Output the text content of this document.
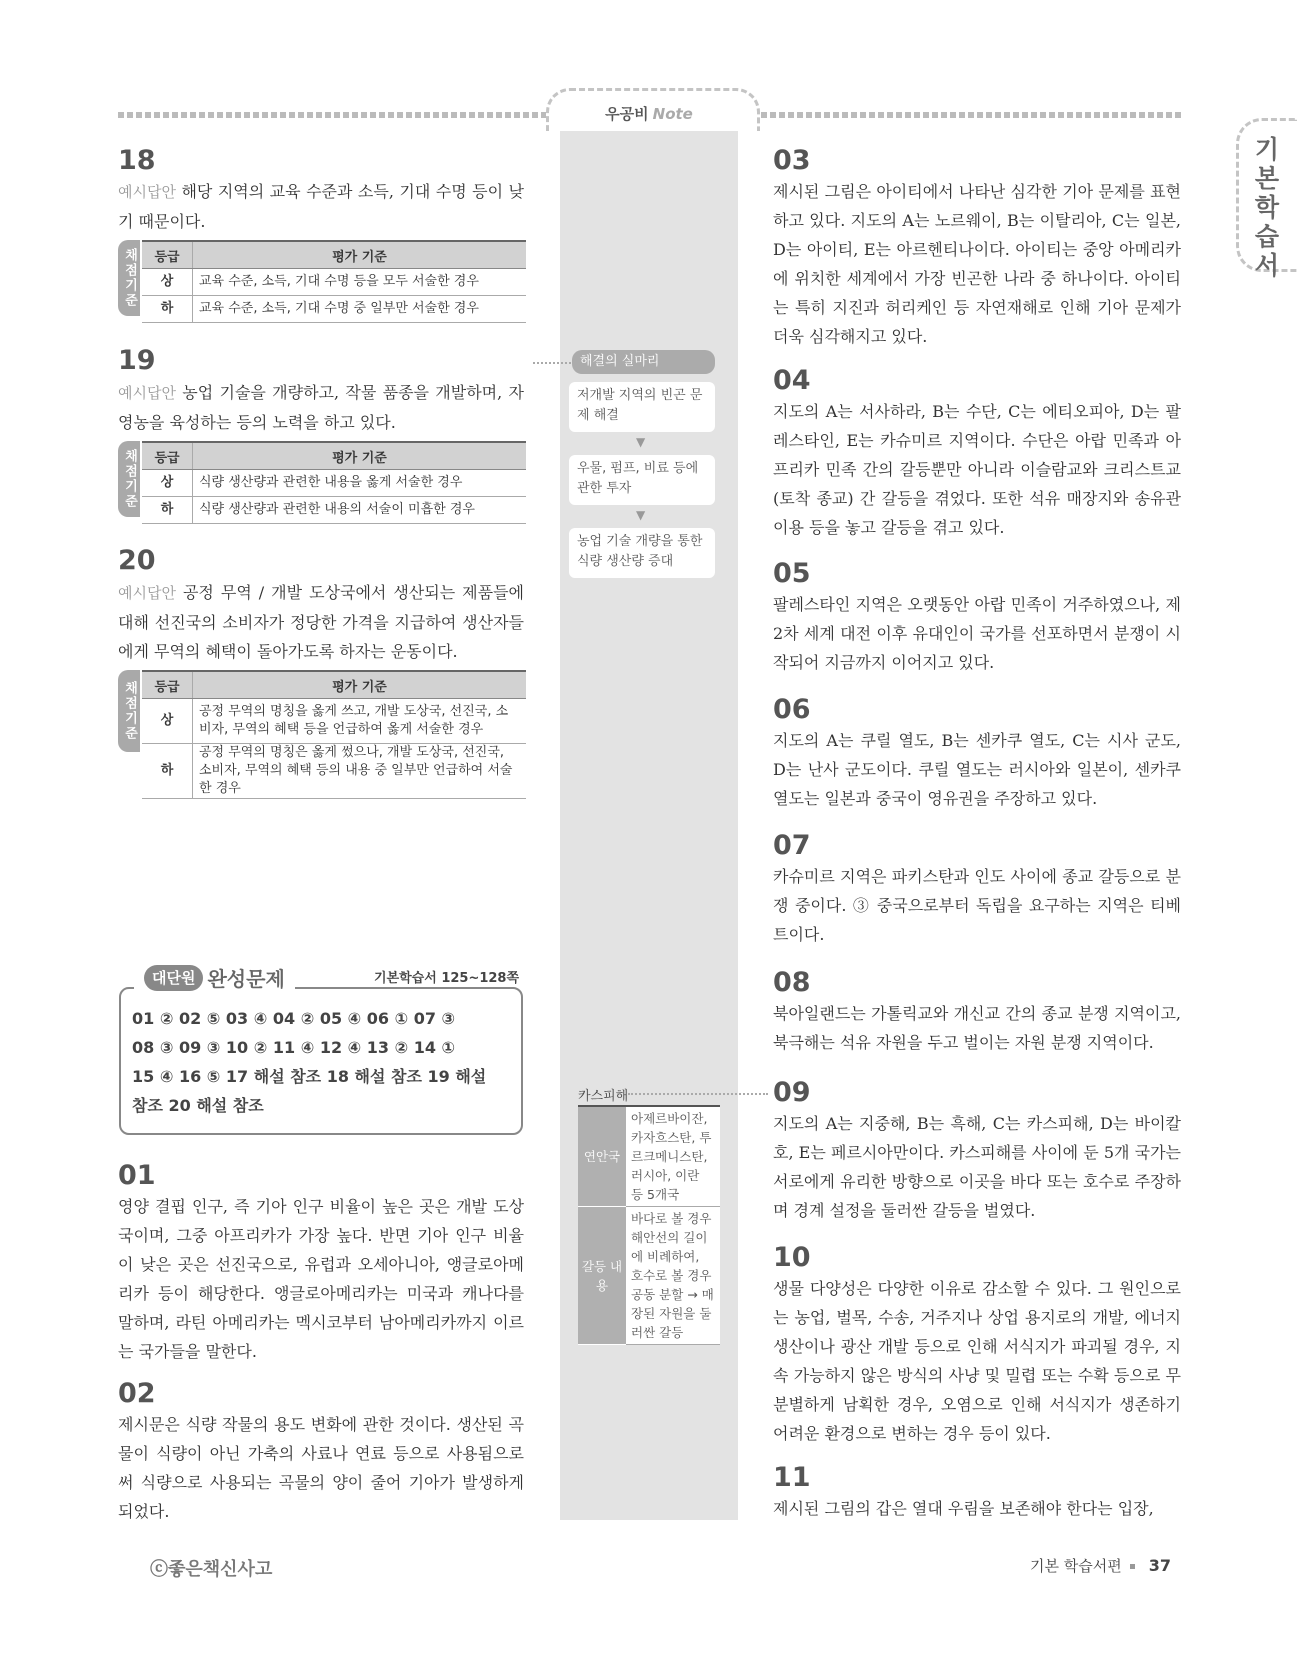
우공비 Note
기본학습서
18
예시답안 해당 지역의 교육 수준과 소득, 기대 수명 등이 낮기 때문이다.
채점기준 등급	평가 기준
상	교육 수준, 소득, 기대 수명 등을 모두 서술한 경우
하	교육 수준, 소득, 기대 수명 중 일부만 서술한 경우
19
예시답안 농업 기술을 개량하고, 작물 품종을 개발하며, 자영농을 육성하는 등의 노력을 하고 있다.
채점기준 등급	평가 기준
상	식량 생산량과 관련한 내용을 옳게 서술한 경우
하	식량 생산량과 관련한 내용의 서술이 미흡한 경우
20
예시답안 공정 무역 / 개발 도상국에서 생산되는 제품들에 대해 선진국의 소비자가 정당한 가격을 지급하여 생산자들에게 무역의 혜택이 돌아가도록 하자는 운동이다.
채점기준 등급	평가 기준
상	공정 무역의 명칭을 옳게 쓰고, 개발 도상국, 선진국, 소비자, 무역의 혜택 등을 언급하여 옳게 서술한 경우
하	공정 무역의 명칭은 옳게 썼으나, 개발 도상국, 선진국, 소비자, 무역의 혜택 등의 내용 중 일부만 언급하여 서술한 경우
대단원 완성문제	기본학습서 125~128쪽
01 ② 02 ⑤ 03 ④ 04 ② 05 ④ 06 ① 07 ③
08 ③ 09 ③ 10 ② 11 ④ 12 ④ 13 ② 14 ①
15 ④ 16 ⑤ 17 해설 참조 18 해설 참조 19 해설
참조 20 해설 참조
01
영양 결핍 인구, 즉 기아 인구 비율이 높은 곳은 개발 도상국이며, 그중 아프리카가 가장 높다. 반면 기아 인구 비율이 낮은 곳은 선진국으로, 유럽과 오세아니아, 앵글로아메리카 등이 해당한다. 앵글로아메리카는 미국과 캐나다를 말하며, 라틴 아메리카는 멕시코부터 남아메리카까지 이르는 국가들을 말한다.
02
제시문은 식량 작물의 용도 변화에 관한 것이다. 생산된 곡물이 식량이 아닌 가축의 사료나 연료 등으로 사용됨으로써 식량으로 사용되는 곡물의 양이 줄어 기아가 발생하게 되었다.
해결의 실마리
저개발 지역의 빈곤 문제 해결
▼
우물, 펌프, 비료 등에 관한 투자
▼
농업 기술 개량을 통한 식량 생산량 증대
카스피해
연안국	아제르바이잔, 카자흐스탄, 투르크메니스탄, 러시아, 이란 등 5개국
갈등 내용	바다로 볼 경우 해안선의 길이에 비례하여, 호수로 볼 경우 공동 분할 → 매장된 자원을 둘러싼 갈등
03
제시된 그림은 아이티에서 나타난 심각한 기아 문제를 표현하고 있다. 지도의 A는 노르웨이, B는 이탈리아, C는 일본, D는 아이티, E는 아르헨티나이다. 아이티는 중앙 아메리카에 위치한 세계에서 가장 빈곤한 나라 중 하나이다. 아이티는 특히 지진과 허리케인 등 자연재해로 인해 기아 문제가 더욱 심각해지고 있다.
04
지도의 A는 서사하라, B는 수단, C는 에티오피아, D는 팔레스타인, E는 카슈미르 지역이다. 수단은 아랍 민족과 아프리카 민족 간의 갈등뿐만 아니라 이슬람교와 크리스트교(토착 종교) 간 갈등을 겪었다. 또한 석유 매장지와 송유관 이용 등을 놓고 갈등을 겪고 있다.
05
팔레스타인 지역은 오랫동안 아랍 민족이 거주하였으나, 제2차 세계 대전 이후 유대인이 국가를 선포하면서 분쟁이 시작되어 지금까지 이어지고 있다.
06
지도의 A는 쿠릴 열도, B는 센카쿠 열도, C는 시사 군도, D는 난사 군도이다. 쿠릴 열도는 러시아와 일본이, 센카쿠 열도는 일본과 중국이 영유권을 주장하고 있다.
07
카슈미르 지역은 파키스탄과 인도 사이에 종교 갈등으로 분쟁 중이다. ③ 중국으로부터 독립을 요구하는 지역은 티베트이다.
08
북아일랜드는 가톨릭교와 개신교 간의 종교 분쟁 지역이고, 북극해는 석유 자원을 두고 벌이는 자원 분쟁 지역이다.
09
지도의 A는 지중해, B는 흑해, C는 카스피해, D는 바이칼호, E는 페르시아만이다. 카스피해를 사이에 둔 5개 국가는 서로에게 유리한 방향으로 이곳을 바다 또는 호수로 주장하며 경계 설정을 둘러싼 갈등을 벌였다.
10
생물 다양성은 다양한 이유로 감소할 수 있다. 그 원인으로는 농업, 벌목, 수송, 거주지나 상업 용지로의 개발, 에너지 생산이나 광산 개발 등으로 인해 서식지가 파괴될 경우, 지속 가능하지 않은 방식의 사냥 및 밀렵 또는 수확 등으로 무분별하게 남획한 경우, 오염으로 인해 서식지가 생존하기 어려운 환경으로 변하는 경우 등이 있다.
11
제시된 그림의 갑은 열대 우림을 보존해야 한다는 입장,
ⓒ좋은책신사고	기본 학습서편 37
